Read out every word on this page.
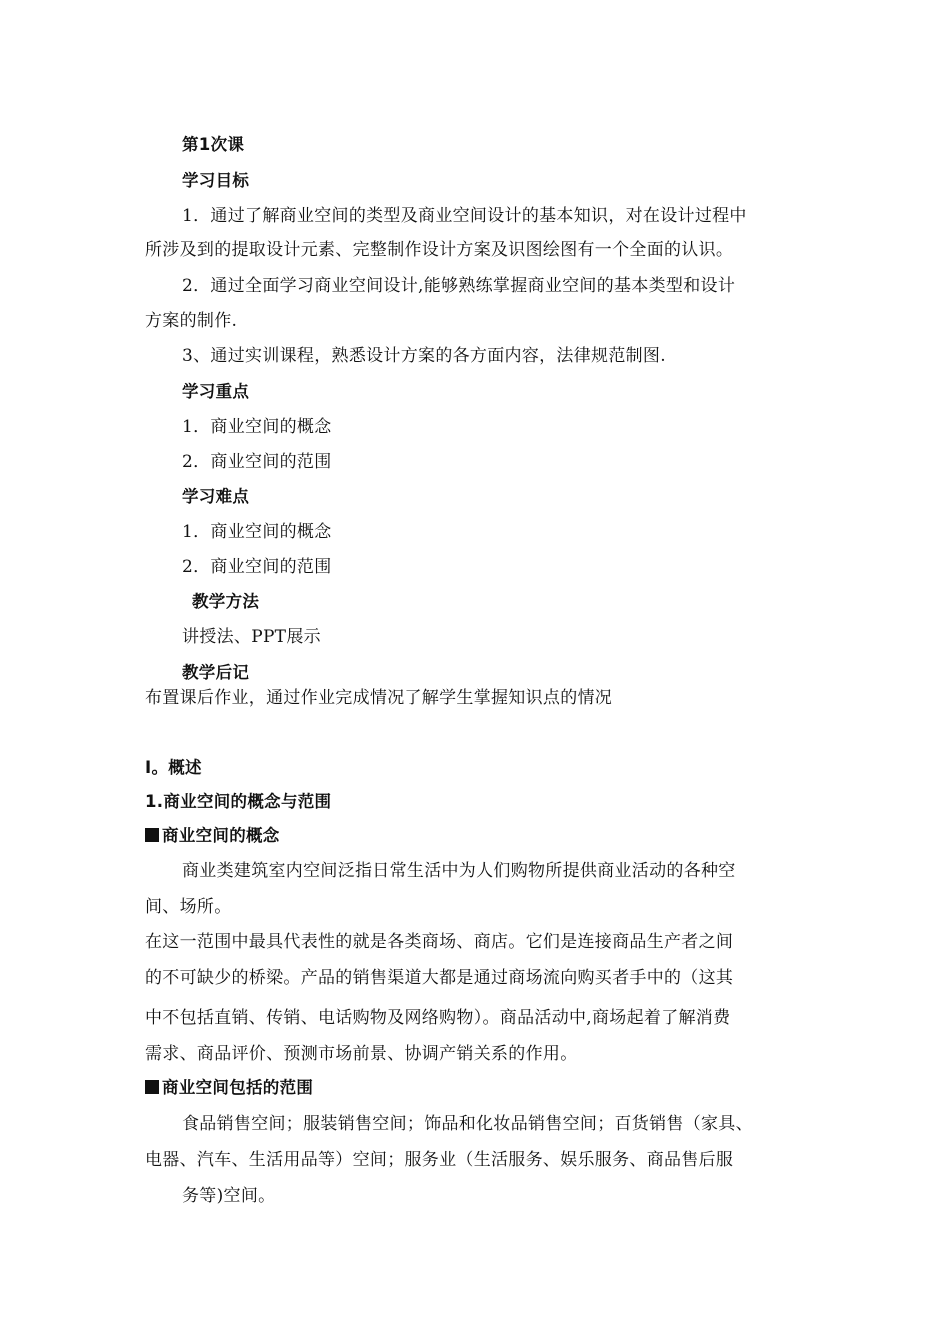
第1次课
学习目标
1．通过了解商业空间的类型及商业空间设计的基本知识，对在设计过程中
所涉及到的提取设计元素、完整制作设计方案及识图绘图有一个全面的认识。
2．通过全面学习商业空间设计,能够熟练掌握商业空间的基本类型和设计
方案的制作.
3、通过实训课程，熟悉设计方案的各方面内容，法律规范制图.
学习重点
1．商业空间的概念
2．商业空间的范围
学习难点
1．商业空间的概念
2．商业空间的范围
教学方法
讲授法、PPT展示
教学后记
布置课后作业，通过作业完成情况了解学生掌握知识点的情况
Ⅰ。概述
1.商业空间的概念与范围
商业空间的概念
商业类建筑室内空间泛指日常生活中为人们购物所提供商业活动的各种空
间、场所。
在这一范围中最具代表性的就是各类商场、商店。它们是连接商品生产者之间
的不可缺少的桥梁。产品的销售渠道大都是通过商场流向购买者手中的（这其
中不包括直销、传销、电话购物及网络购物）。商品活动中,商场起着了解消费
需求、商品评价、预测市场前景、协调产销关系的作用。
商业空间包括的范围
食品销售空间；服装销售空间；饰品和化妆品销售空间；百货销售（家具、
电器、汽车、生活用品等）空间；服务业（生活服务、娱乐服务、商品售后服
务等)空间。
